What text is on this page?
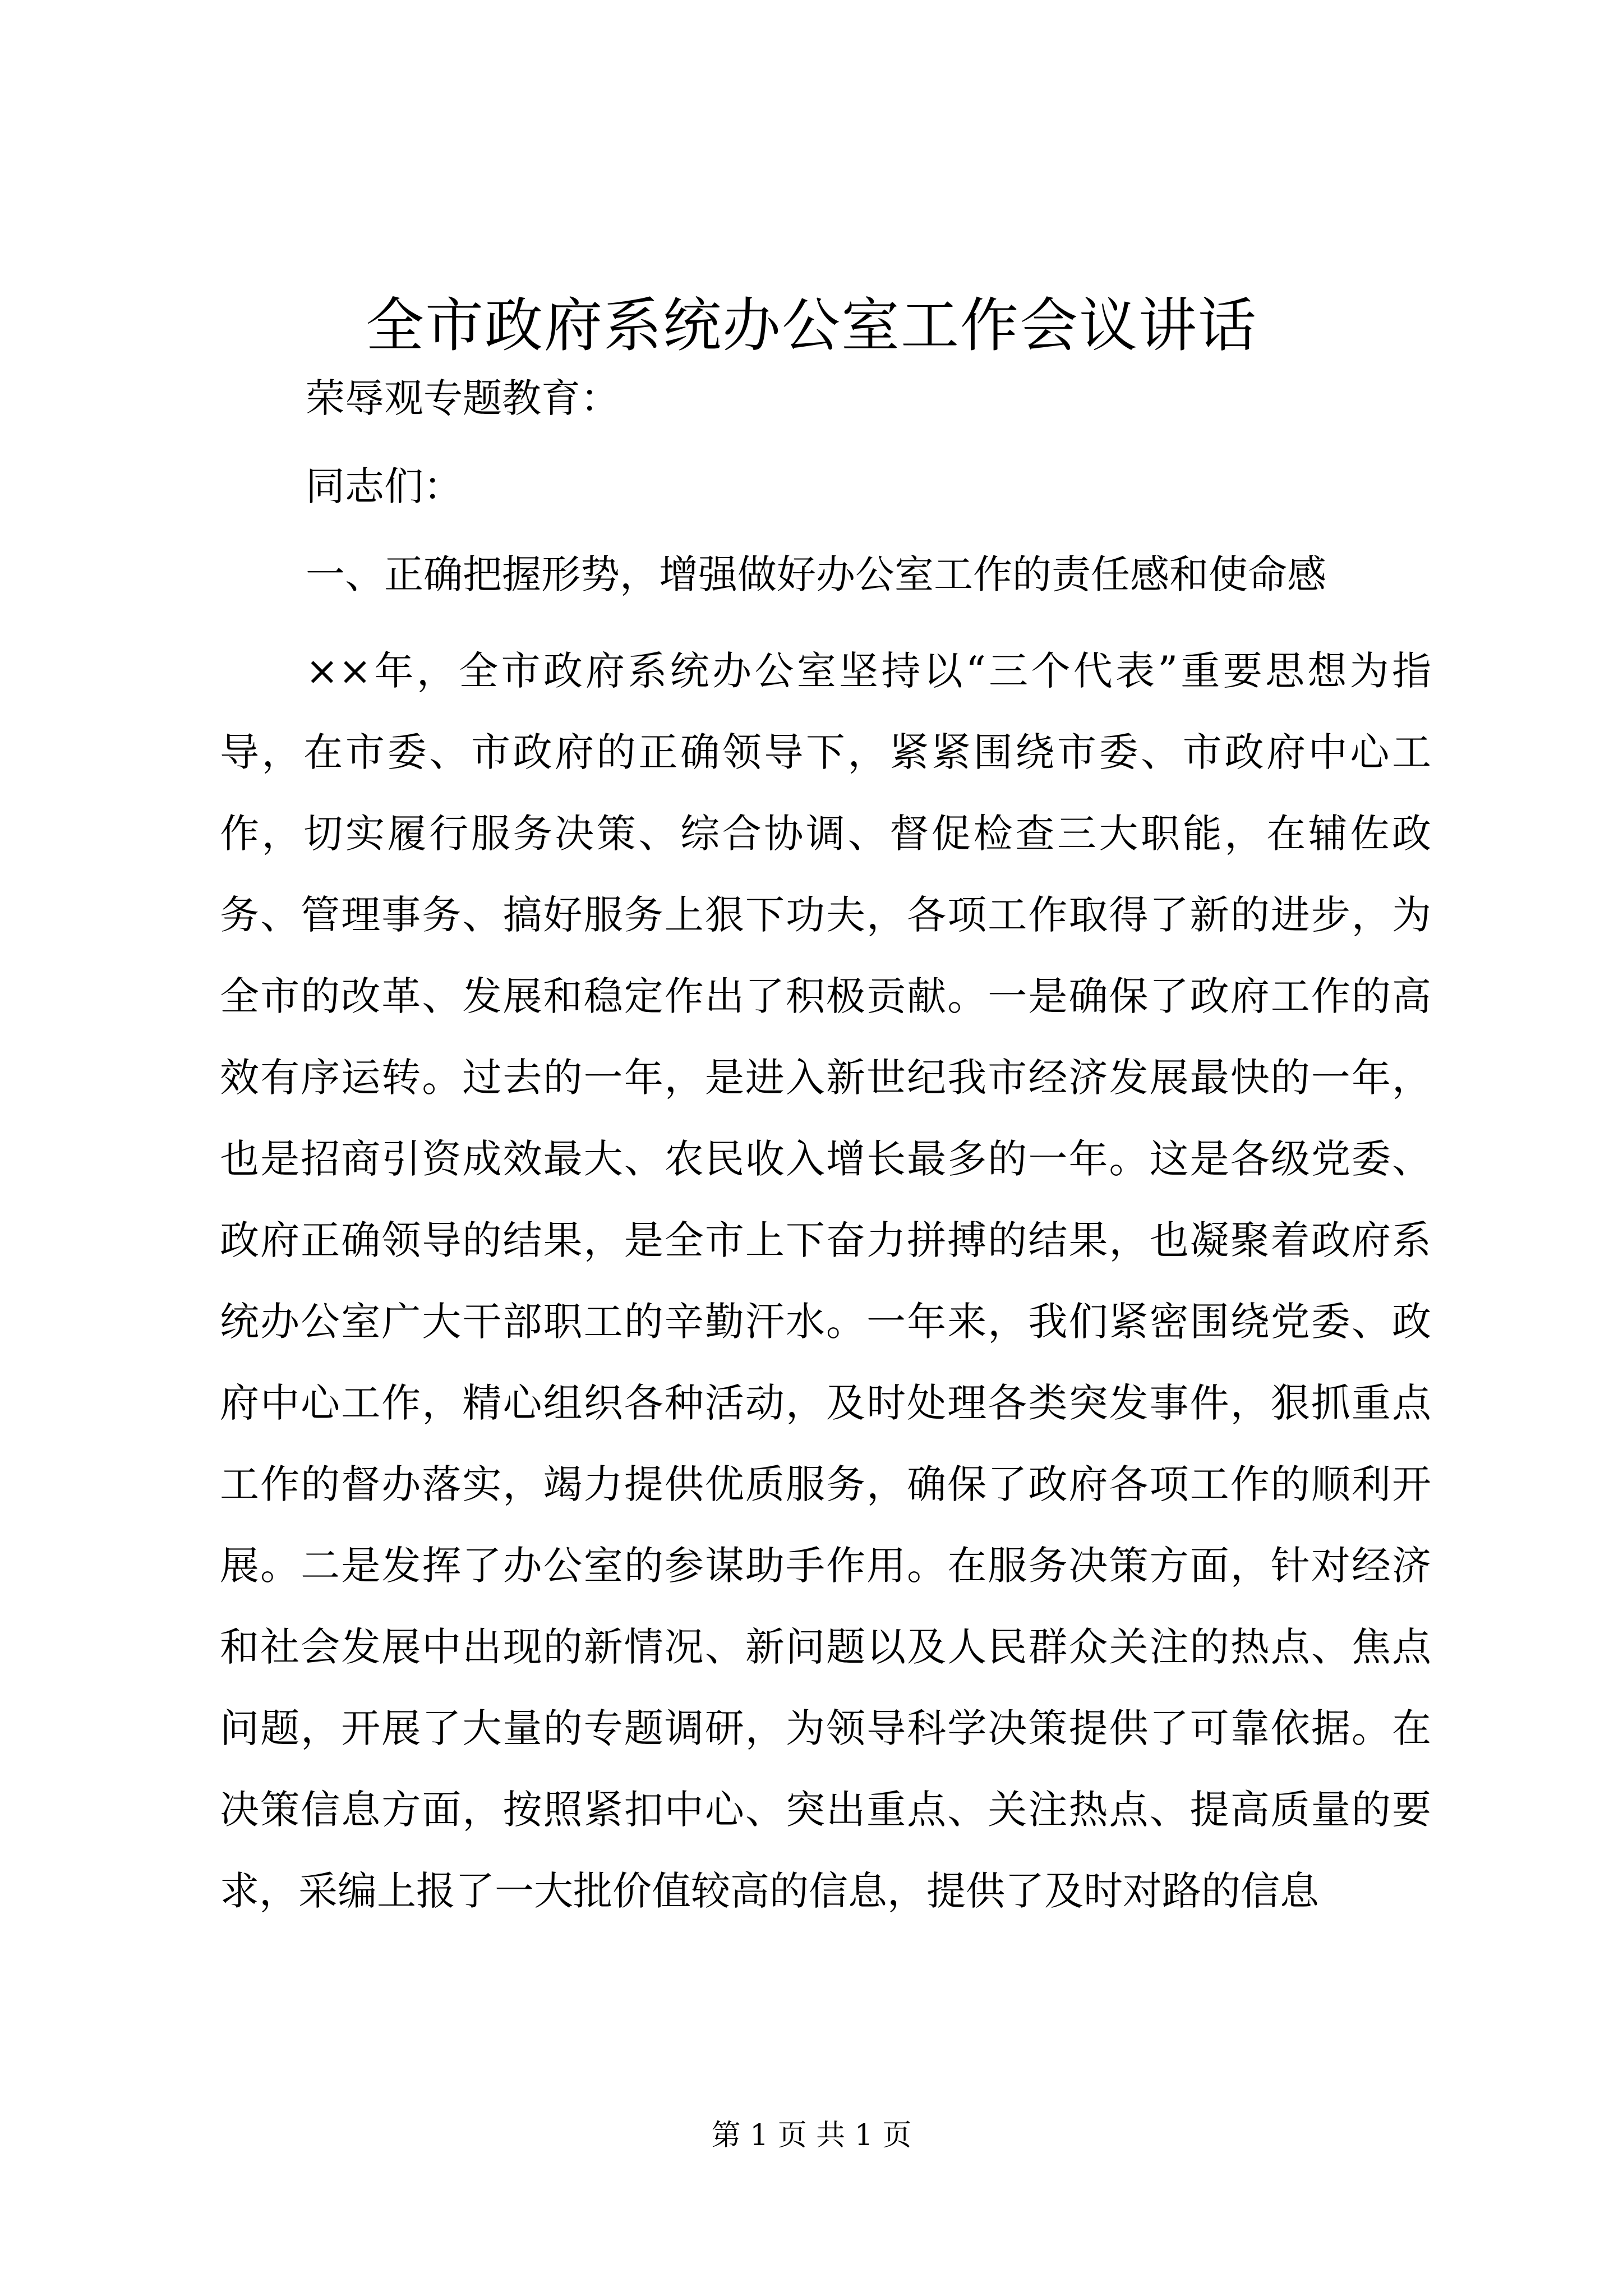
全市政府系统办公室工作会议讲话

荣辱观专题教育：

同志们：

一、正确把握形势，增强做好办公室工作的责任感和使命感

××年，全市政府系统办公室坚持以“三个代表”重要思想为指导，在市委、市政府的正确领导下，紧紧围绕市委、市政府中心工作，切实履行服务决策、综合协调、督促检查三大职能，在辅佐政务、管理事务、搞好服务上狠下功夫，各项工作取得了新的进步，为全市的改革、发展和稳定作出了积极贡献。一是确保了政府工作的高效有序运转。过去的一年，是进入新世纪我市经济发展最快的一年，也是招商引资成效最大、农民收入增长最多的一年。这是各级党委、政府正确领导的结果，是全市上下奋力拼搏的结果，也凝聚着政府系统办公室广大干部职工的辛勤汗水。一年来，我们紧密围绕党委、政府中心工作，精心组织各种活动，及时处理各类突发事件，狠抓重点工作的督办落实，竭力提供优质服务，确保了政府各项工作的顺利开展。二是发挥了办公室的参谋助手作用。在服务决策方面，针对经济和社会发展中出现的新情况、新问题以及人民群众关注的热点、焦点问题，开展了大量的专题调研，为领导科学决策提供了可靠依据。在决策信息方面，按照紧扣中心、突出重点、关注热点、提高质量的要求，采编上报了一大批价值较高的信息，提供了及时对路的信息

第 1 页 共 1 页
